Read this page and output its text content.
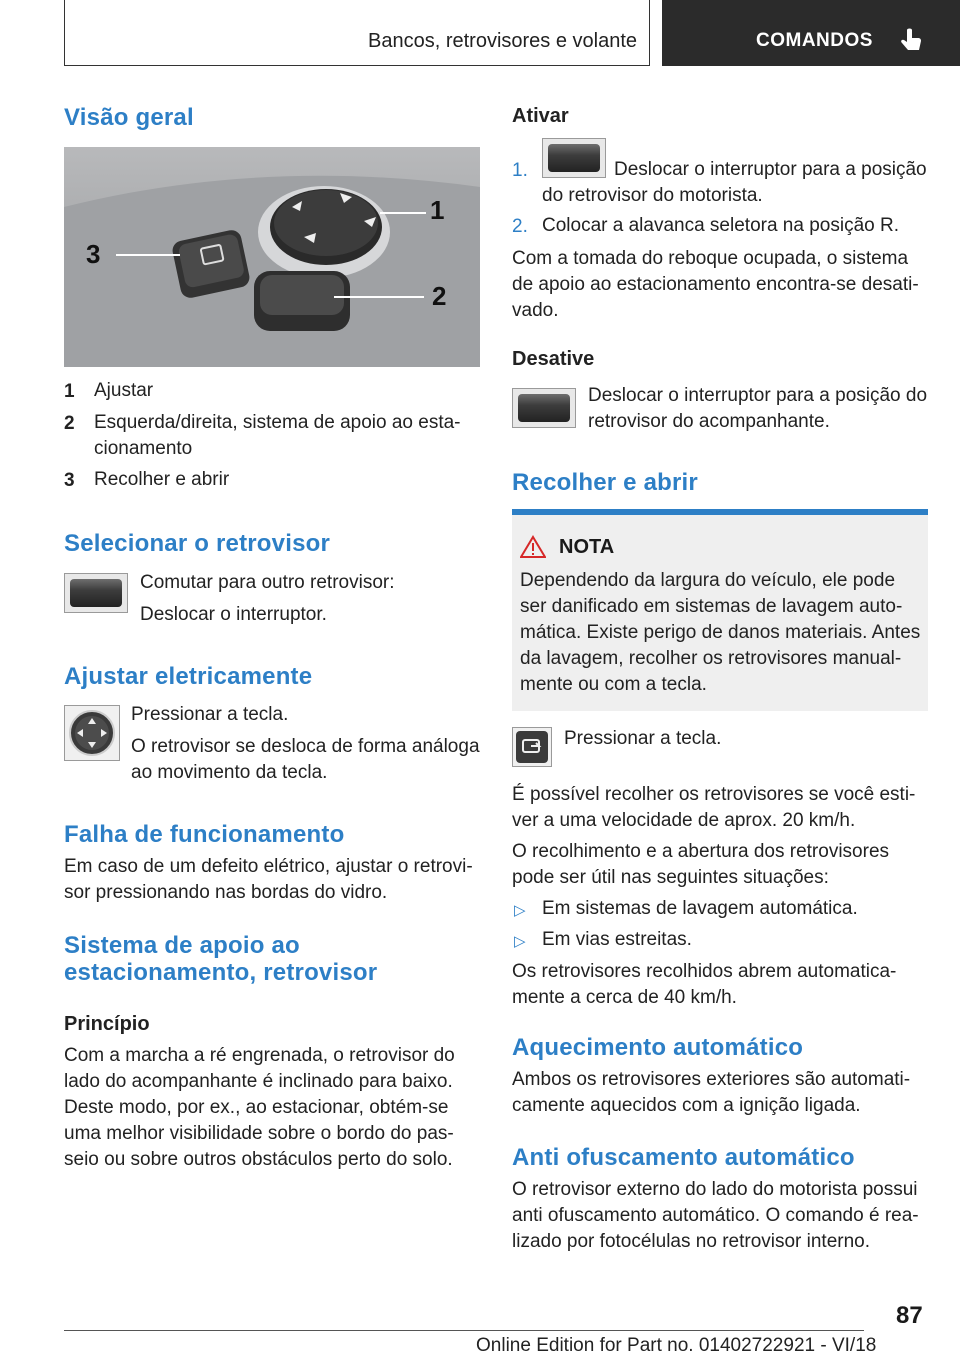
Bancos, retrovisores e volante	COMANDOS
Visão geral
3
1
2
1 Ajustar
2 Esquerda/direita, sistema de apoio ao esta-
cionamento
3 Recolher e abrir
Selecionar o retrovisor
Comutar para outro retrovisor:
Deslocar o interruptor.
Ajustar eletricamente
Pressionar a tecla.
O retrovisor se desloca de forma análoga
ao movimento da tecla.
Falha de funcionamento
Em caso de um defeito elétrico, ajustar o retrovi-
sor pressionando nas bordas do vidro.
Sistema de apoio ao
estacionamento, retrovisor
Princípio
Com a marcha a ré engrenada, o retrovisor do
lado do acompanhante é inclinado para baixo.
Deste modo, por ex., ao estacionar, obtém-se
uma melhor visibilidade sobre o bordo do pas-
seio ou sobre outros obstáculos perto do solo.
Ativar
1.	Deslocar o interruptor para a posição
do retrovisor do motorista.
2. Colocar a alavanca seletora na posição R.
Com a tomada do reboque ocupada, o sistema
de apoio ao estacionamento encontra-se desati-
vado.
Desative
Deslocar o interruptor para a posição do
retrovisor do acompanhante.
Recolher e abrir
NOTA
Dependendo da largura do veículo, ele pode
ser danificado em sistemas de lavagem auto-
mática. Existe perigo de danos materiais. Antes
da lavagem, recolher os retrovisores manual-
mente ou com a tecla.
Pressionar a tecla.
É possível recolher os retrovisores se você esti-
ver a uma velocidade de aprox. 20 km/h.
O recolhimento e a abertura dos retrovisores
pode ser útil nas seguintes situações:
▷ Em sistemas de lavagem automática.
▷ Em vias estreitas.
Os retrovisores recolhidos abrem automatica-
mente a cerca de 40 km/h.
Aquecimento automático
Ambos os retrovisores exteriores são automati-
camente aquecidos com a ignição ligada.
Anti ofuscamento automático
O retrovisor externo do lado do motorista possui
anti ofuscamento automático. O comando é rea-
lizado por fotocélulas no retrovisor interno.
87
Online Edition for Part no. 01402722921 - VI/18
